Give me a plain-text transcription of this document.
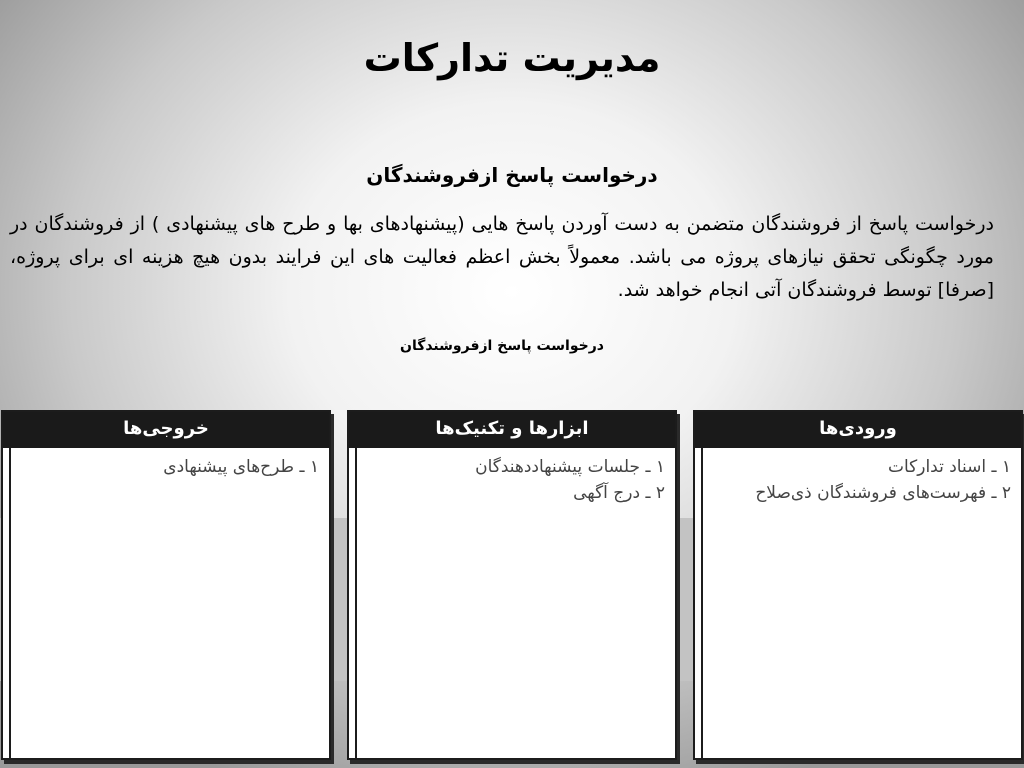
مدیریت تدارکات
درخواست پاسخ ازفروشندگان
درخواست پاسخ از فروشندگان متضمن به دست آوردن پاسخ هایی (پیشنهادهای بها و طرح های پیشنهادی ) از فروشندگان در مورد چگونگی تحقق نیازهای پروژه می باشد. معمولاً بخش اعظم فعالیت های این فرایند بدون هیچ هزینه ای برای پروژه،[صرفا] توسط فروشندگان آتی انجام خواهد شد.
درخواست پاسخ ازفروشندگان
ورودی‌ها
۱ ـ اسناد تدارکات
۲ ـ فهرست‌های فروشندگان ذی‌صلاح
ابزارها و تکنیک‌ها
۱ ـ جلسات پیشنهاددهندگان
۲ ـ درج آگهی
خروجی‌ها
۱ ـ طرح‌های پیشنهادی
